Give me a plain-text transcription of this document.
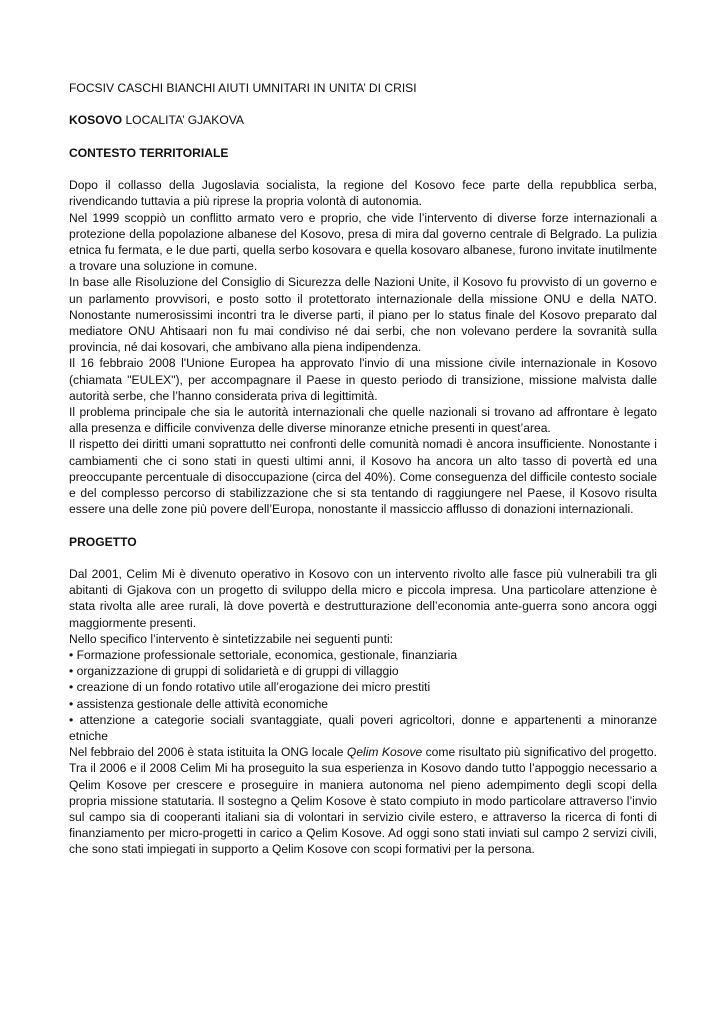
FOCSIV CASCHI BIANCHI AIUTI UMNITARI IN UNITA’ DI CRISI

KOSOVO LOCALITA’ GJAKOVA

CONTESTO TERRITORIALE

Dopo il collasso della Jugoslavia socialista, la regione del Kosovo fece parte della repubblica serba, rivendicando tuttavia a più riprese la propria volontà di autonomia.

Nel 1999 scoppiò un conflitto armato vero e proprio, che vide l’intervento di diverse forze internazionali a protezione della popolazione albanese del Kosovo, presa di mira dal governo centrale di Belgrado. La pulizia etnica fu fermata, e le due parti, quella serbo kosovara e quella kosovaro albanese, furono invitate inutilmente a trovare una soluzione in comune.

In base alle Risoluzione del Consiglio di Sicurezza delle Nazioni Unite, il Kosovo fu provvisto di un governo e un parlamento provvisori, e posto sotto il protettorato internazionale della missione ONU e della NATO. Nonostante numerosissimi incontri tra le diverse parti, il piano per lo status finale del Kosovo preparato dal mediatore ONU Ahtisaari non fu mai condiviso né dai serbi, che non volevano perdere la sovranità sulla provincia, né dai kosovari, che ambivano alla piena indipendenza.

Il 16 febbraio 2008 l'Unione Europea ha approvato l'invio di una missione civile internazionale in Kosovo (chiamata "EULEX"), per accompagnare il Paese in questo periodo di transizione, missione malvista dalle autorità serbe, che l’hanno considerata priva di legittimità.

Il problema principale che sia le autorità internazionali che quelle nazionali si trovano ad affrontare è legato alla presenza e difficile convivenza delle diverse minoranze etniche presenti in quest’area.

Il rispetto dei diritti umani soprattutto nei confronti delle comunità nomadi è ancora insufficiente. Nonostante i cambiamenti che ci sono stati in questi ultimi anni, il Kosovo ha ancora un alto tasso di povertà ed una preoccupante percentuale di disoccupazione (circa del 40%). Come conseguenza del difficile contesto sociale e del complesso percorso di stabilizzazione che si sta tentando di raggiungere nel Paese, il Kosovo risulta essere una delle zone più povere dell’Europa, nonostante il massiccio afflusso di donazioni internazionali.

PROGETTO

Dal 2001, Celim Mi è divenuto operativo in Kosovo con un intervento rivolto alle fasce più vulnerabili tra gli abitanti di Gjakova con un progetto di sviluppo della micro e piccola impresa. Una particolare attenzione è stata rivolta alle aree rurali, là dove povertà e destrutturazione dell’economia ante-guerra sono ancora oggi maggiormente presenti.

Nello specifico l’intervento è sintetizzabile nei seguenti punti:

• Formazione professionale settoriale, economica, gestionale, finanziaria

• organizzazione di gruppi di solidarietà e di gruppi di villaggio

• creazione di un fondo rotativo utile all’erogazione dei micro prestiti

• assistenza gestionale delle attività economiche

• attenzione a categorie sociali svantaggiate, quali poveri agricoltori, donne e appartenenti a minoranze etniche

Nel febbraio del 2006 è stata istituita la ONG locale Qelim Kosove come risultato più significativo del progetto. Tra il 2006 e il 2008 Celim Mi ha proseguito la sua esperienza in Kosovo dando tutto l’appoggio necessario a Qelim Kosove per crescere e proseguire in maniera autonoma nel pieno adempimento degli scopi della propria missione statutaria. Il sostegno a Qelim Kosove è stato compiuto in modo particolare attraverso l’invio sul campo sia di cooperanti italiani sia di volontari in servizio civile estero, e attraverso la ricerca di fonti di finanziamento per micro-progetti in carico a Qelim Kosove. Ad oggi sono stati inviati sul campo 2 servizi civili, che sono stati impiegati in supporto a Qelim Kosove con scopi formativi per la persona.
